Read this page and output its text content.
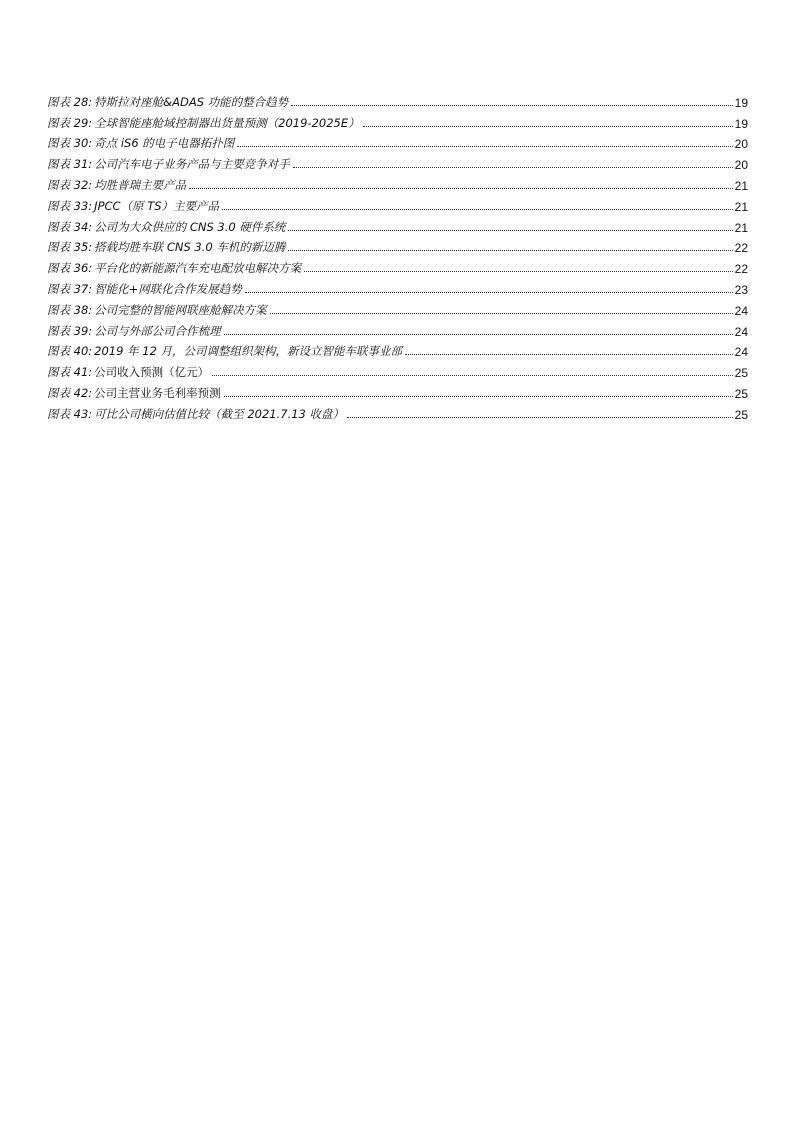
图表 28: 特斯拉对座舱&ADAS 功能的整合趋势	19
图表 29: 全球智能座舱域控制器出货量预测（2019-2025E）	19
图表 30: 奇点 iS6 的电子电器拓扑图	20
图表 31: 公司汽车电子业务产品与主要竞争对手	20
图表 32: 均胜普瑞主要产品	21
图表 33: JPCC（原 TS）主要产品	21
图表 34: 公司为大众供应的 CNS 3.0 硬件系统	21
图表 35: 搭载均胜车联 CNS 3.0 车机的新迈腾	22
图表 36: 平台化的新能源汽车充电配放电解决方案	22
图表 37: 智能化+网联化合作发展趋势	23
图表 38: 公司完整的智能网联座舱解决方案	24
图表 39: 公司与外部公司合作梳理	24
图表 40: 2019 年 12 月，公司调整组织架构，新设立智能车联事业部	24
图表 41: 公司收入预测（亿元）	25
图表 42: 公司主营业务毛利率预测	25
图表 43: 可比公司横向估值比较（截至 2021.7.13 收盘）	25
